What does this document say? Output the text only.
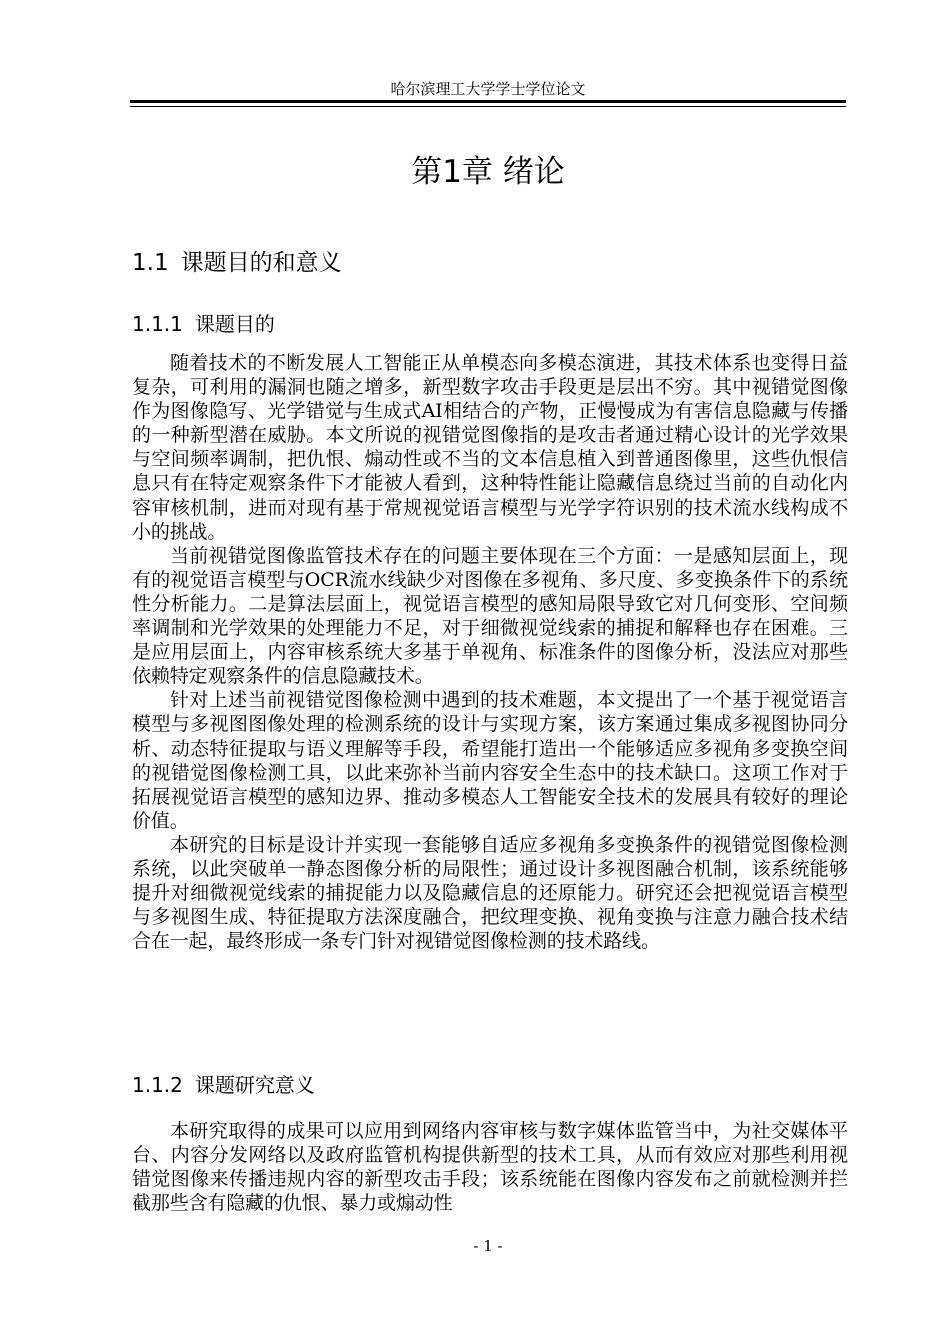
哈尔滨理工大学学士学位论文
第1章 绪论
1.1 课题目的和意义
1.1.1 课题目的

随着技术的不断发展人工智能正从单模态向多模态演进，其技术体系也变得日益复杂，可利用的漏洞也随之增多，新型数字攻击手段更是层出不穷。其中视错觉图像作为图像隐写、光学错觉与生成式AI相结合的产物，正慢慢成为有害信息隐藏与传播的一种新型潜在威胁。本文所说的视错觉图像指的是攻击者通过精心设计的光学效果与空间频率调制，把仇恨、煽动性或不当的文本信息植入到普通图像里，这些仇恨信息只有在特定观察条件下才能被人看到，这种特性能让隐藏信息绕过当前的自动化内容审核机制，进而对现有基于常规视觉语言模型与光学字符识别的技术流水线构成不小的挑战。

当前视错觉图像监管技术存在的问题主要体现在三个方面：一是感知层面上，现有的视觉语言模型与OCR流水线缺少对图像在多视角、多尺度、多变换条件下的系统性分析能力。二是算法层面上，视觉语言模型的感知局限导致它对几何变形、空间频率调制和光学效果的处理能力不足，对于细微视觉线索的捕捉和解释也存在困难。三是应用层面上，内容审核系统大多基于单视角、标准条件的图像分析，没法应对那些依赖特定观察条件的信息隐藏技术。

针对上述当前视错觉图像检测中遇到的技术难题，本文提出了一个基于视觉语言模型与多视图图像处理的检测系统的设计与实现方案，该方案通过集成多视图协同分析、动态特征提取与语义理解等手段，希望能打造出一个能够适应多视角多变换空间的视错觉图像检测工具，以此来弥补当前内容安全生态中的技术缺口。这项工作对于拓展视觉语言模型的感知边界、推动多模态人工智能安全技术的发展具有较好的理论价值。

本研究的目标是设计并实现一套能够自适应多视角多变换条件的视错觉图像检测系统，以此突破单一静态图像分析的局限性；通过设计多视图融合机制，该系统能够提升对细微视觉线索的捕捉能力以及隐藏信息的还原能力。研究还会把视觉语言模型与多视图生成、特征提取方法深度融合，把纹理变换、视角变换与注意力融合技术结合在一起，最终形成一条专门针对视错觉图像检测的技术路线。

1.1.2 课题研究意义

本研究取得的成果可以应用到网络内容审核与数字媒体监管当中，为社交媒体平台、内容分发网络以及政府监管机构提供新型的技术工具，从而有效应对那些利用视错觉图像来传播违规内容的新型攻击手段；该系统能在图像内容发布之前就检测并拦截那些含有隐藏的仇恨、暴力或煽动性

- 1 -
